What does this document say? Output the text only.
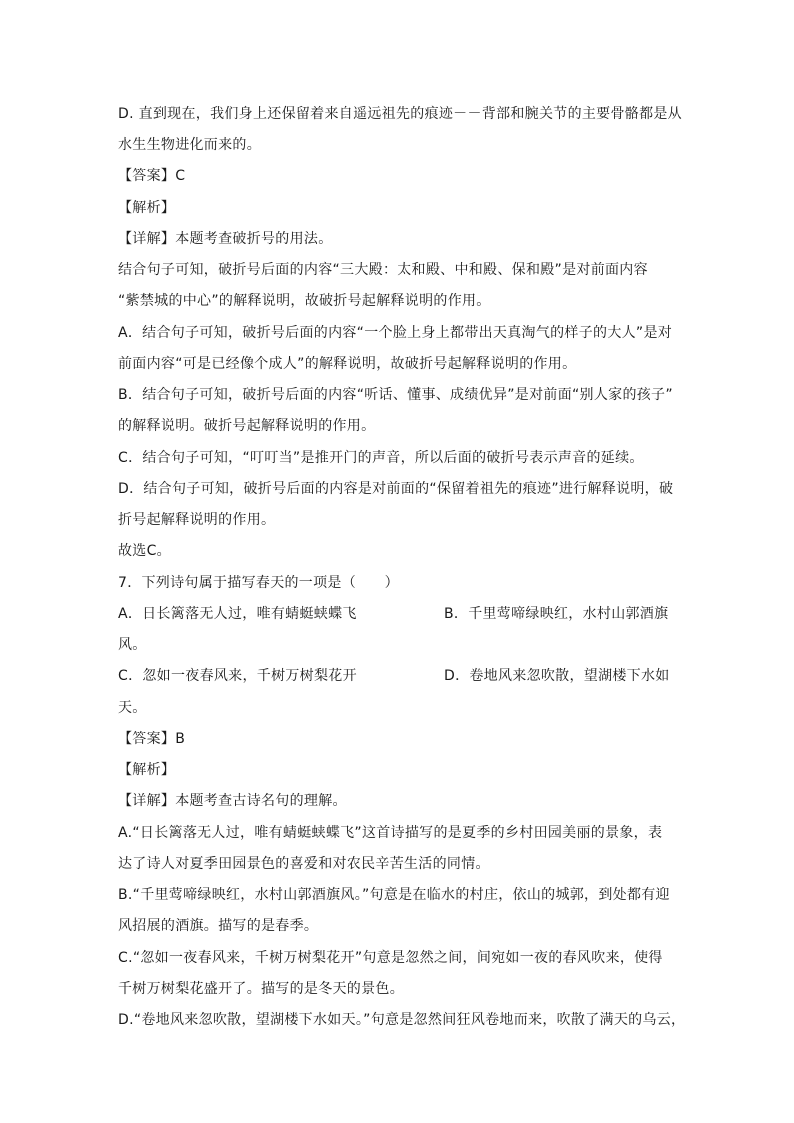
D. 直到现在，我们身上还保留着来自遥远祖先的痕迹－－背部和腕关节的主要骨骼都是从
水生生物进化而来的。
【答案】C
【解析】
【详解】本题考查破折号的用法。
结合句子可知，破折号后面的内容“三大殿：太和殿、中和殿、保和殿”是对前面内容
“紫禁城的中心”的解释说明，故破折号起解释说明的作用。
A．结合句子可知，破折号后面的内容“一个脸上身上都带出天真淘气的样子的大人”是对
前面内容“可是已经像个成人”的解释说明，故破折号起解释说明的作用。
B．结合句子可知，破折号后面的内容“听话、懂事、成绩优异”是对前面“别人家的孩子”
的解释说明。破折号起解释说明的作用。
C．结合句子可知，“叮叮当”是推开门的声音，所以后面的破折号表示声音的延续。
D．结合句子可知，破折号后面的内容是对前面的“保留着祖先的痕迹”进行解释说明，破
折号起解释说明的作用。
故选C。
7．下列诗句属于描写春天的一项是（　　）
A．日长篱落无人过，唯有蜻蜓蛱蝶飞	B．千里莺啼绿映红，水村山郭酒旗
风。
C．忽如一夜春风来，千树万树梨花开	D．卷地风来忽吹散，望湖楼下水如
天。
【答案】B
【解析】
【详解】本题考查古诗名句的理解。
A.“日长篱落无人过，唯有蜻蜓蛱蝶飞”这首诗描写的是夏季的乡村田园美丽的景象，表
达了诗人对夏季田园景色的喜爱和对农民辛苦生活的同情。
B.“千里莺啼绿映红，水村山郭酒旗风。”句意是在临水的村庄，依山的城郭，到处都有迎
风招展的酒旗。描写的是春季。
C.“忽如一夜春风来，千树万树梨花开”句意是忽然之间，间宛如一夜的春风吹来，使得
千树万树梨花盛开了。描写的是冬天的景色。
D.“卷地风来忽吹散，望湖楼下水如天。”句意是忽然间狂风卷地而来，吹散了满天的乌云，
